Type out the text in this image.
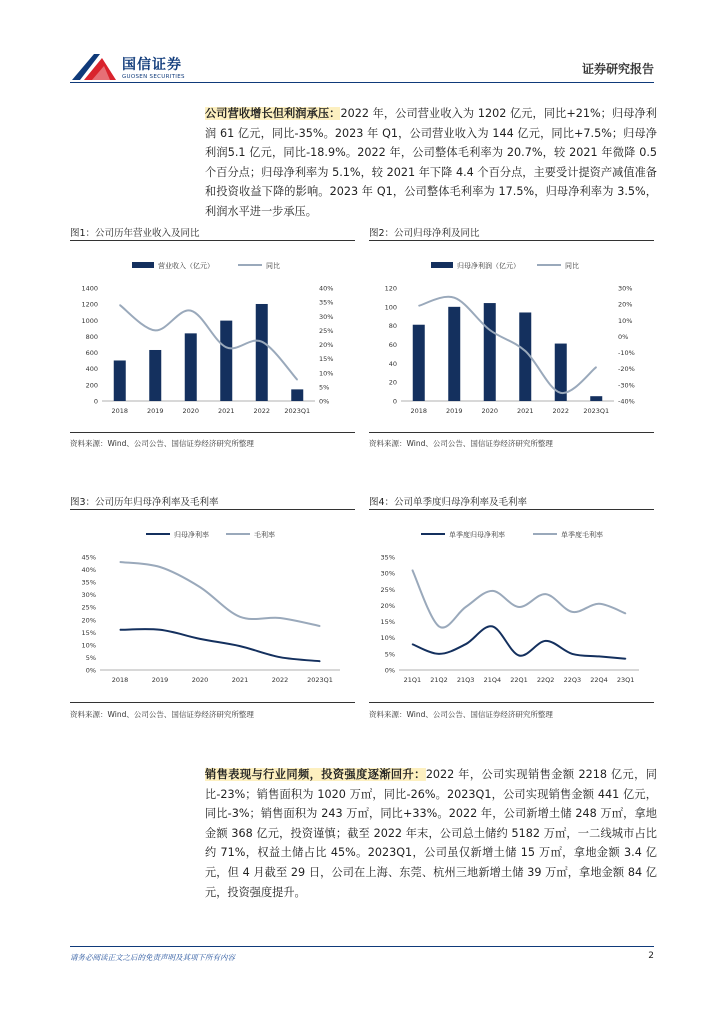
国信证券
GUOSEN SECURITIES
证券研究报告
公司营收增长但利润承压：2022 年，公司营业收入为 1202 亿元，同比+21%；归母净利润 61 亿元，同比-35%。2023 年 Q1，公司营业收入为 144 亿元，同比+7.5%；归母净利润5.1 亿元，同比-18.9%。2022 年，公司整体毛利率为 20.7%，较 2021 年微降 0.5 个百分点；归母净利率为 5.1%，较 2021 年下降 4.4 个百分点，主要受计提资产减值准备和投资收益下降的影响。2023 年 Q1，公司整体毛利率为 17.5%，归母净利率为 3.5%，利润水平进一步承压。
图1：公司历年营业收入及同比
营业收入（亿元）	同比
0
200
400
600
800
1000
1200
1400
0%
5%
10%
15%
20%
25%
30%
35%
40%
2018	2019	2020	2021	2022 2023Q1
资料来源：Wind、公司公告、国信证券经济研究所整理
图2：公司归母净利及同比
归母净利润（亿元）	同比
0
20
40
60
80
100
120
-40%
-30%
-20%
-10%
0%
10%
20%
30%
2018	2019	2020	2021	2022 2023Q1
资料来源：Wind、公司公告、国信证券经济研究所整理
图3：公司历年归母净利率及毛利率
归母净利率	毛利率
0%
5%
10%
15%
20%
25%
30%
35%
40%
45%
2018	2019	2020	2021	2022	2023Q1
资料来源：Wind、公司公告、国信证券经济研究所整理
图4：公司单季度归母净利率及毛利率
单季度归母净利率	单季度毛利率
0%
5%
10%
15%
20%
25%
30%
35%
21Q1 21Q2 21Q3 21Q4 22Q1 22Q2 22Q3 22Q4 23Q1
资料来源：Wind、公司公告、国信证券经济研究所整理
销售表现与行业同频，投资强度逐渐回升：2022 年，公司实现销售金额 2218 亿元，同比-23%；销售面积为 1020 万㎡，同比-26%。2023Q1，公司实现销售金额 441 亿元，同比-3%；销售面积为 243 万㎡，同比+33%。2022 年，公司新增土储 248 万㎡，拿地金额 368 亿元，投资谨慎；截至 2022 年末，公司总土储约 5182 万㎡，一二线城市占比约 71%，权益土储占比 45%。2023Q1，公司虽仅新增土储 15 万㎡，拿地金额 3.4 亿元，但 4 月截至 29 日，公司在上海、东莞、杭州三地新增土储 39 万㎡，拿地金额 84 亿元，投资强度提升。
请务必阅读正文之后的免责声明及其项下所有内容	2
